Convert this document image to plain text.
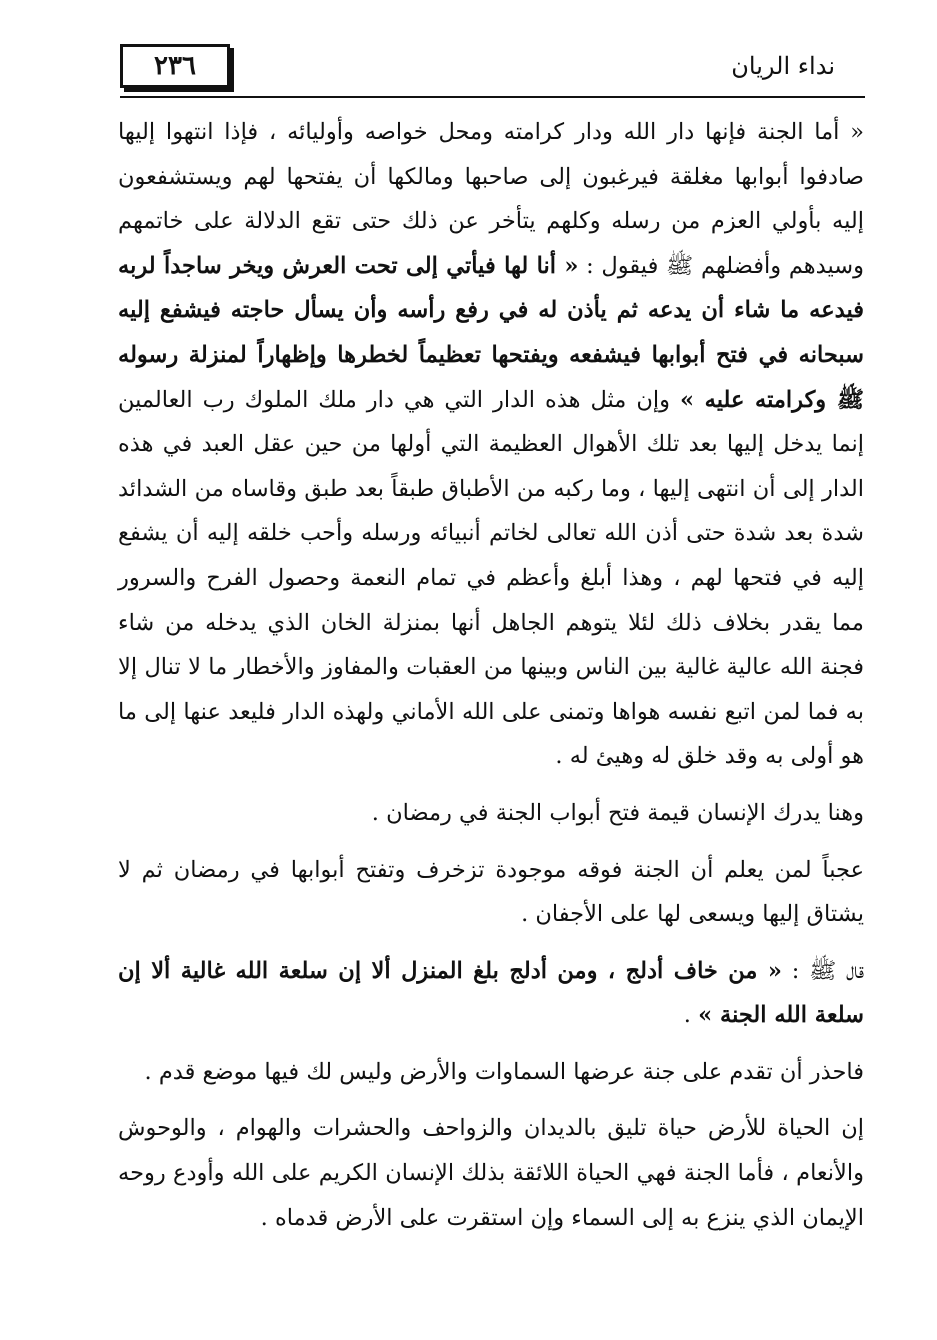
٢٣٦	نداء الريان

« أما الجنة فإنها دار الله ودار كرامته ومحل خواصه وأوليائه ، فإذا انتهوا إليها صادفوا أبوابها مغلقة فيرغبون إلى صاحبها ومالكها أن يفتحها لهم ويستشفعون إليه بأولي العزم من رسله وكلهم يتأخر عن ذلك حتى تقع الدلالة على خاتمهم وسيدهم وأفضلهم ﷺ فيقول : « أنا لها فيأتي إلى تحت العرش ويخر ساجداً لربه فيدعه ما شاء أن يدعه ثم يأذن له في رفع رأسه وأن يسأل حاجته فيشفع إليه سبحانه في فتح أبوابها فيشفعه ويفتحها تعظيماً لخطرها وإظهاراً لمنزلة رسوله ﷺ وكرامته عليه » وإن مثل هذه الدار التي هي دار ملك الملوك رب العالمين إنما يدخل إليها بعد تلك الأهوال العظيمة التي أولها من حين عقل العبد في هذه الدار إلى أن انتهى إليها ، وما ركبه من الأطباق طبقاً بعد طبق وقاساه من الشدائد شدة بعد شدة حتى أذن الله تعالى لخاتم أنبيائه ورسله وأحب خلقه إليه أن يشفع إليه في فتحها لهم ، وهذا أبلغ وأعظم في تمام النعمة وحصول الفرح والسرور مما يقدر بخلاف ذلك لئلا يتوهم الجاهل أنها بمنزلة الخان الذي يدخله من شاء فجنة الله عالية غالية بين الناس وبينها من العقبات والمفاوز والأخطار ما لا تنال إلا به فما لمن اتبع نفسه هواها وتمنى على الله الأماني ولهذه الدار فليعد عنها إلى ما هو أولى به وقد خلق له وهيئ له .

وهنا يدرك الإنسان قيمة فتح أبواب الجنة في رمضان .

عجباً لمن يعلم أن الجنة فوقه موجودة تزخرف وتفتح أبوابها في رمضان ثم لا يشتاق إليها ويسعى لها على الأجفان .

قال ﷺ : « من خاف أدلج ، ومن أدلج بلغ المنزل ألا إن سلعة الله غالية ألا إن سلعة الله الجنة » .

فاحذر أن تقدم على جنة عرضها السماوات والأرض وليس لك فيها موضع قدم .

إن الحياة للأرض حياة تليق بالديدان والزواحف والحشرات والهوام ، والوحوش والأنعام ، فأما الجنة فهي الحياة اللائقة بذلك الإنسان الكريم على الله وأودع روحه الإيمان الذي ينزع به إلى السماء وإن استقرت على الأرض قدماه .
